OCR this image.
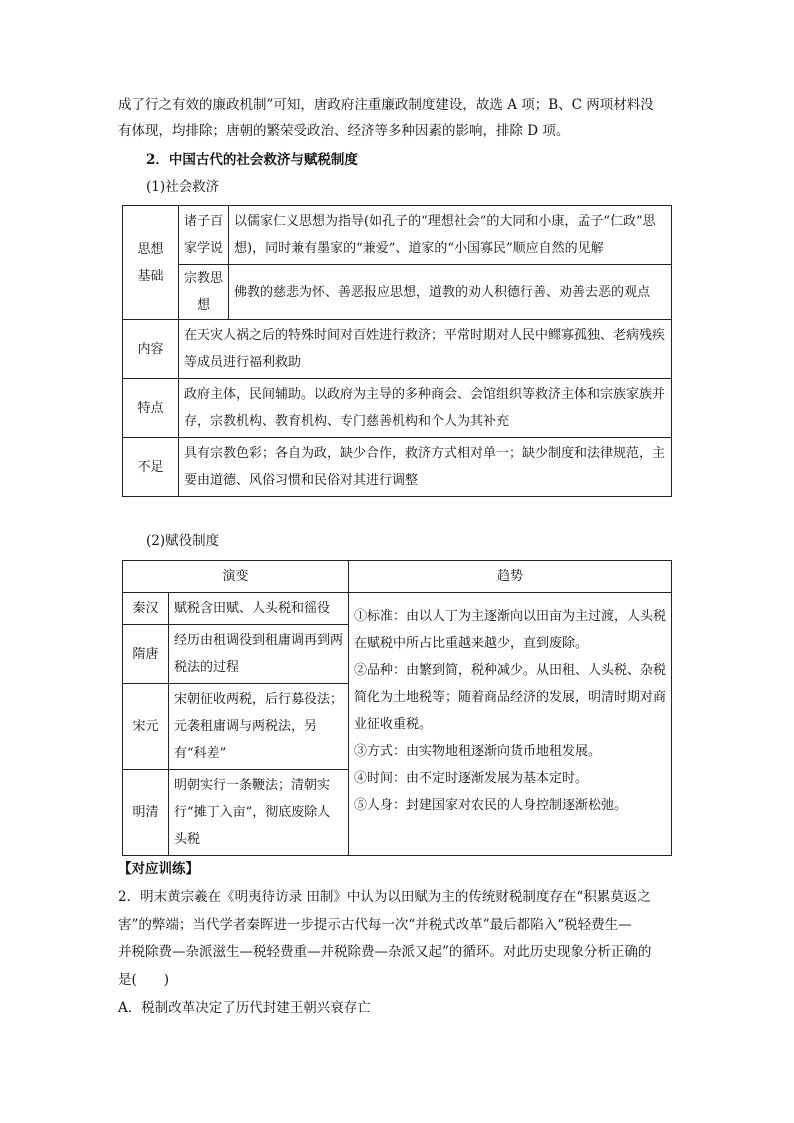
成了行之有效的廉政机制”可知，唐政府注重廉政制度建设，故选 A 项；B、C 两项材料没
有体现，均排除；唐朝的繁荣受政治、经济等多种因素的影响，排除 D 项。
2．中国古代的社会救济与赋税制度
(1)社会救济
思想基础	诸子百家学说	以儒家仁义思想为指导(如孔子的“理想社会”的大同和小康，孟子“仁政”思想)，同时兼有墨家的“兼爱”、道家的“小国寡民”顺应自然的见解
	宗教思想	佛教的慈悲为怀、善恶报应思想，道教的劝人积德行善、劝善去恶的观点
内容	在天灾人祸之后的特殊时间对百姓进行救济；平常时期对人民中鳏寡孤独、老病残疾等成员进行福利救助	
特点	政府主体，民间辅助。以政府为主导的多种商会、会馆组织等救济主体和宗族家族并存，宗教机构、教育机构、专门慈善机构和个人为其补充	
不足	具有宗教色彩；各自为政，缺少合作，救济方式相对单一；缺少制度和法律规范，主要由道德、风俗习惯和民俗对其进行调整	
(2)赋役制度
演变		趋势
秦汉	赋税含田赋、人头税和徭役	①标准：由以人丁为主逐渐向以田亩为主过渡，人头税在赋税中所占比重越来越少，直到废除。
②品种：由繁到简，税种减少。从田租、人头税、杂税简化为土地税等；随着商品经济的发展，明清时期对商业征收重税。
③方式：由实物地租逐渐向货币地租发展。
④时间：由不定时逐渐发展为基本定时。
⑤人身：封建国家对农民的人身控制逐渐松弛。

隋唐	经历由租调役到租庸调再到两税法的过程	
宋元	宋朝征收两税，后行募役法；元袭租庸调与两税法，另有“科差”	
明清	明朝实行一条鞭法；清朝实行“摊丁入亩”，彻底废除人头税	
【对应训练】
2．明末黄宗羲在《明夷待访录 田制》中认为以田赋为主的传统财税制度存在“积累莫返之
害”的弊端；当代学者秦晖进一步提示古代每一次“并税式改革”最后都陷入“税轻费生—
并税除费—杂派滋生—税轻费重—并税除费—杂派又起”的循环。对此历史现象分析正确的
是(　　)
A．税制改革决定了历代封建王朝兴衰存亡
